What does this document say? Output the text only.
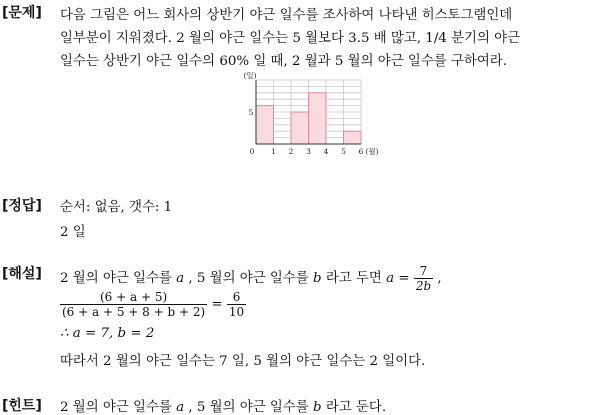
[문제] 다음 그림은 어느 회사의 상반기 야근 일수를 조사하여 나타낸 히스토그램인데
일부분이 지워졌다. 2 월의 야근 일수는 5 월보다 3.5 배 많고, 1/4 분기의 야근
일수는 상반기 야근 일수의 60% 일 때, 2 월과 5 월의 야근 일수를 구하여라.
(일)
5
0 1 2 3 4 5 6 (월)
[정답] 순서: 없음, 갯수: 1
2 일
[해설] 2 월의 야근 일수를 a , 5 월의 야근 일수를 b 라고 두면 $a = \frac{7}{2b}$ ,
$\frac{(6 + a + 5)}{(6 + a + 5 + 8 + b + 2)} = \frac{6}{10}$
∴ a = 7, b = 2
따라서 2 월의 야근 일수는 7 일, 5 월의 야근 일수는 2 일이다.
[힌트] 2 월의 야근 일수를 a , 5 월의 야근 일수를 b 라고 둔다.
